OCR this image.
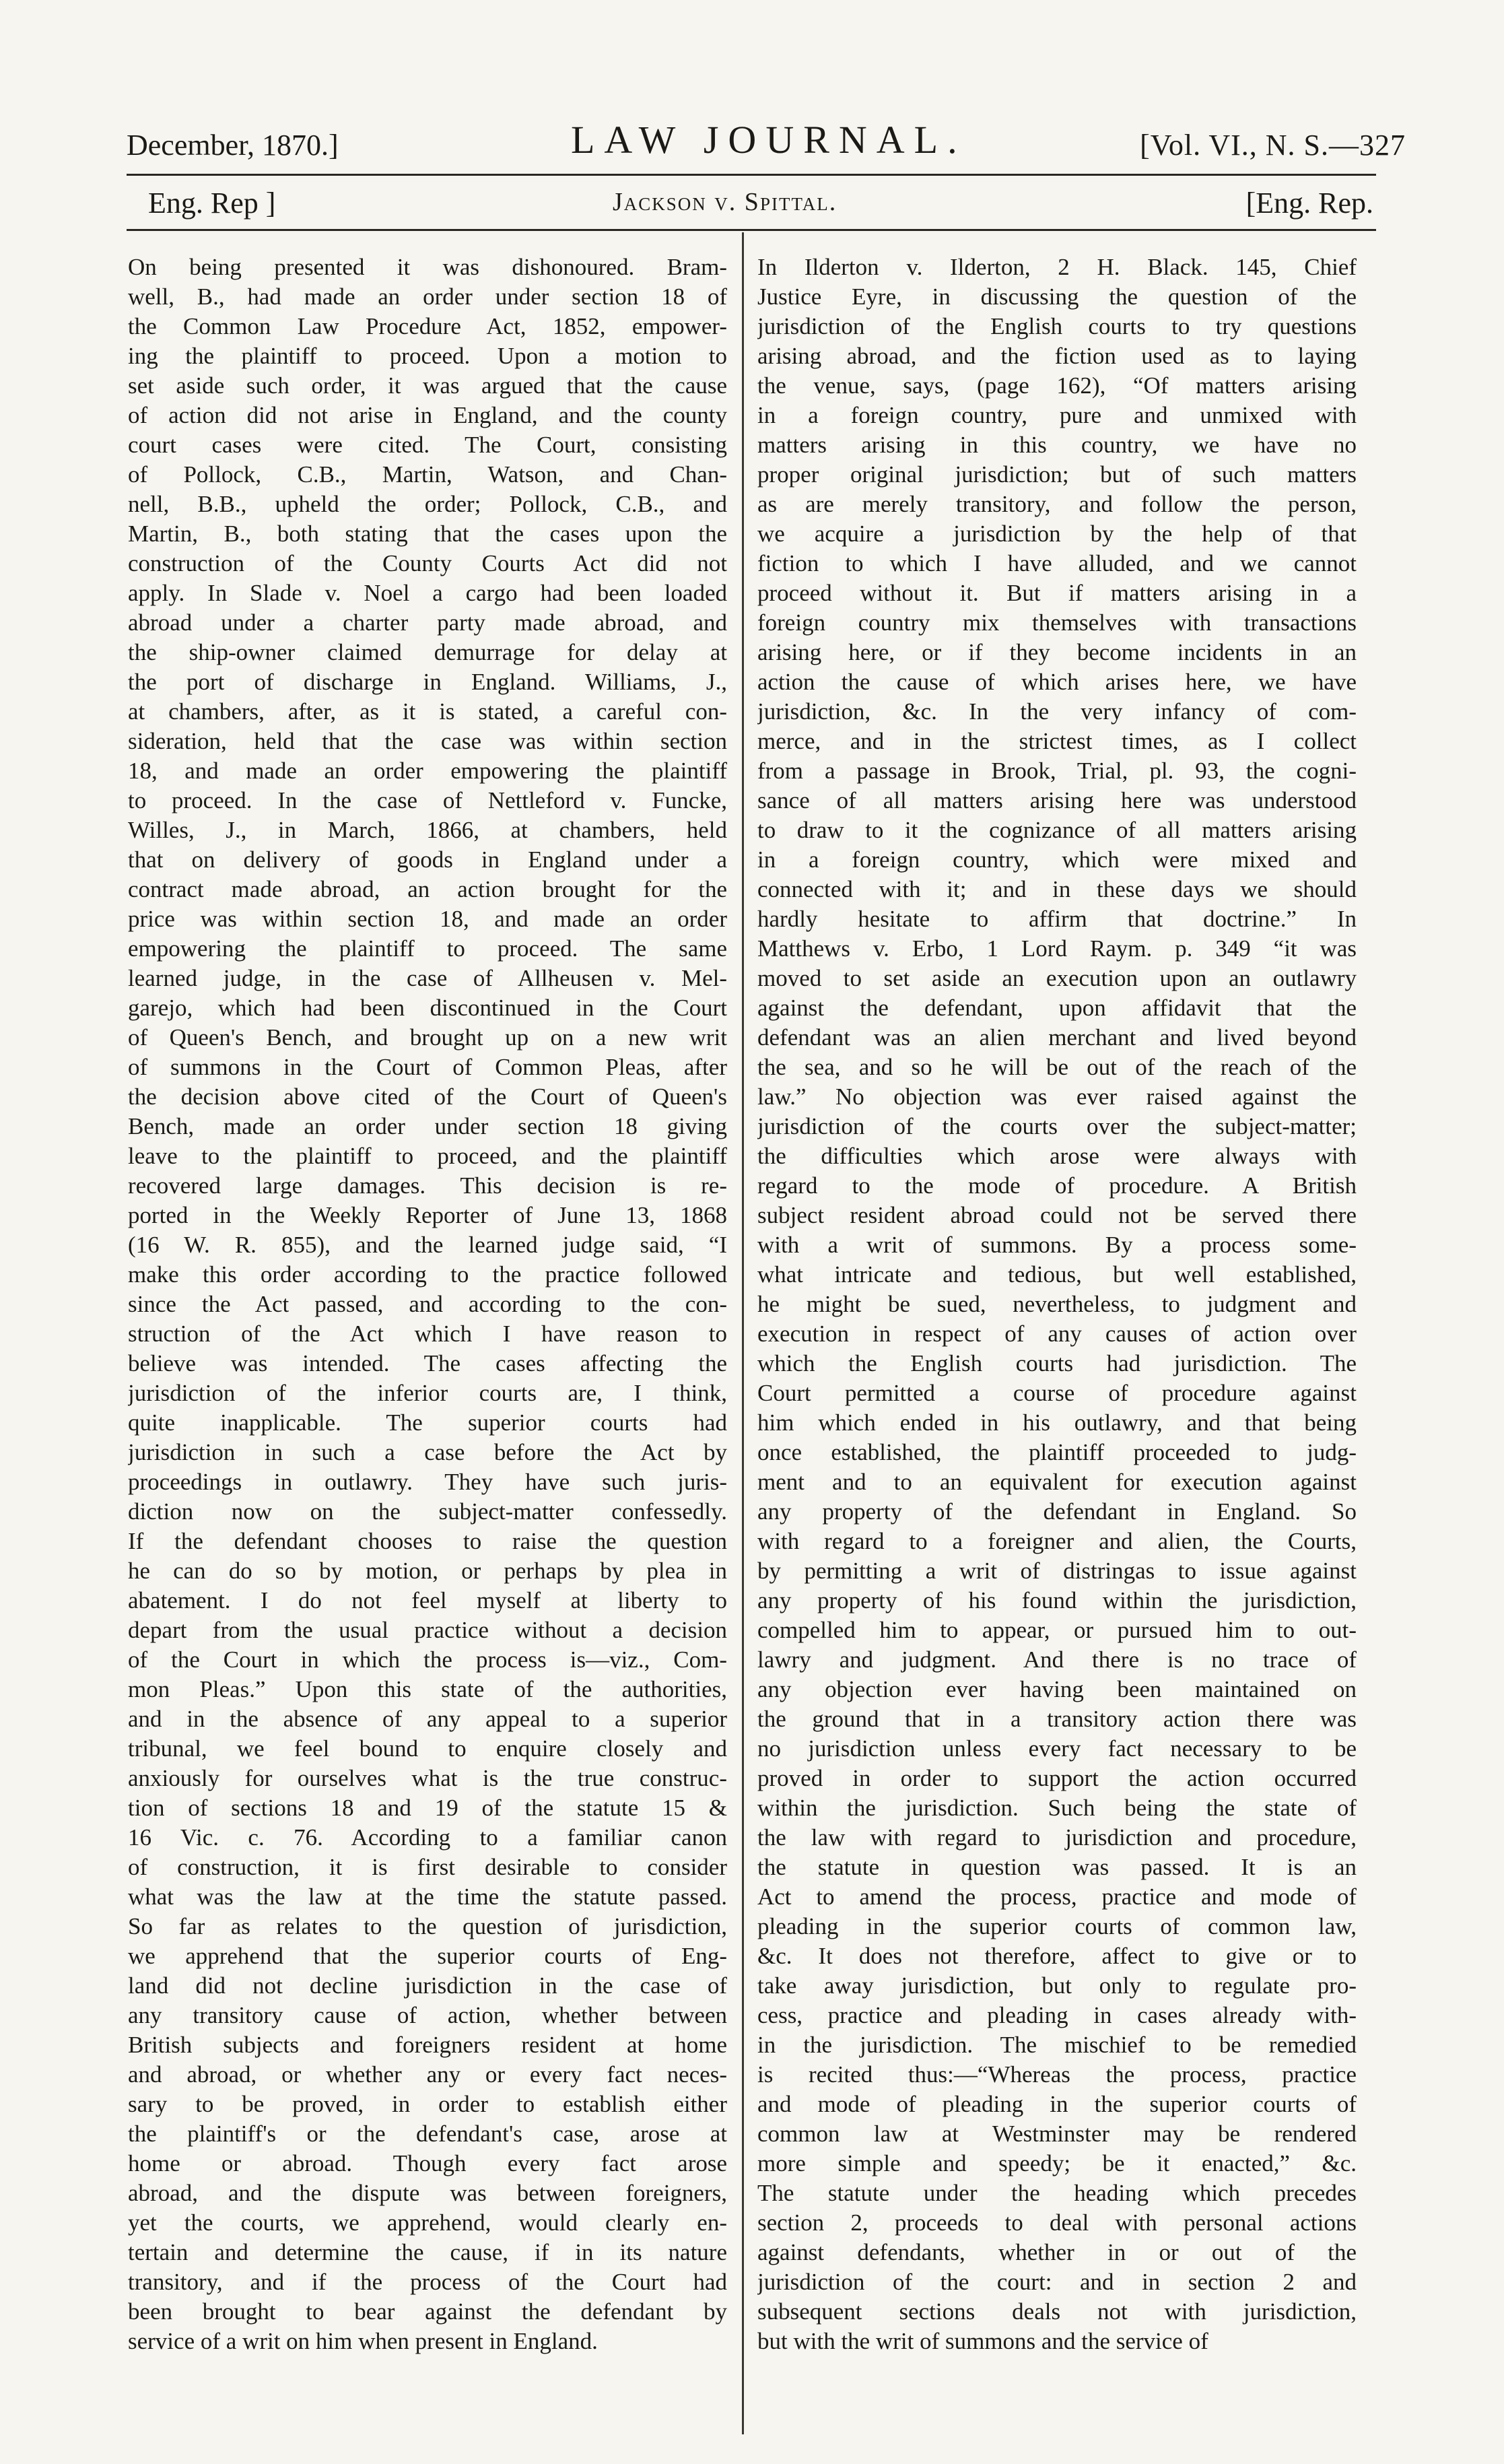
December, 1870.]	LAW JOURNAL.	[Vol. VI., N. S.—327
Eng. Rep ]	Jackson v. Spittal.	[Eng. Rep.
On being presented it was dishonoured. Bram-
well, B., had made an order under section 18 of
the Common Law Procedure Act, 1852, empower-
ing the plaintiff to proceed. Upon a motion to
set aside such order, it was argued that the cause
of action did not arise in England, and the county
court cases were cited. The Court, consisting
of Pollock, C.B., Martin, Watson, and Chan-
nell, B.B., upheld the order; Pollock, C.B., and
Martin, B., both stating that the cases upon the
construction of the County Courts Act did not
apply. In Slade v. Noel a cargo had been loaded
abroad under a charter party made abroad, and
the ship-owner claimed demurrage for delay at
the port of discharge in England. Williams, J.,
at chambers, after, as it is stated, a careful con-
sideration, held that the case was within section
18, and made an order empowering the plaintiff
to proceed. In the case of Nettleford v. Funcke,
Willes, J., in March, 1866, at chambers, held
that on delivery of goods in England under a
contract made abroad, an action brought for the
price was within section 18, and made an order
empowering the plaintiff to proceed. The same
learned judge, in the case of Allheusen v. Mel-
garejo, which had been discontinued in the Court
of Queen's Bench, and brought up on a new writ
of summons in the Court of Common Pleas, after
the decision above cited of the Court of Queen's
Bench, made an order under section 18 giving
leave to the plaintiff to proceed, and the plaintiff
recovered large damages. This decision is re-
ported in the Weekly Reporter of June 13, 1868
(16 W. R. 855), and the learned judge said, “I
make this order according to the practice followed
since the Act passed, and according to the con-
struction of the Act which I have reason to
believe was intended. The cases affecting the
jurisdiction of the inferior courts are, I think,
quite inapplicable. The superior courts had
jurisdiction in such a case before the Act by
proceedings in outlawry. They have such juris-
diction now on the subject-matter confessedly.
If the defendant chooses to raise the question
he can do so by motion, or perhaps by plea in
abatement. I do not feel myself at liberty to
depart from the usual practice without a decision
of the Court in which the process is—viz., Com-
mon Pleas.” Upon this state of the authorities,
and in the absence of any appeal to a superior
tribunal, we feel bound to enquire closely and
anxiously for ourselves what is the true construc-
tion of sections 18 and 19 of the statute 15 &
16 Vic. c. 76. According to a familiar canon
of construction, it is first desirable to consider
what was the law at the time the statute passed.
So far as relates to the question of jurisdiction,
we apprehend that the superior courts of Eng-
land did not decline jurisdiction in the case of
any transitory cause of action, whether between
British subjects and foreigners resident at home
and abroad, or whether any or every fact neces-
sary to be proved, in order to establish either
the plaintiff's or the defendant's case, arose at
home or abroad. Though every fact arose
abroad, and the dispute was between foreigners,
yet the courts, we apprehend, would clearly en-
tertain and determine the cause, if in its nature
transitory, and if the process of the Court had
been brought to bear against the defendant by
service of a writ on him when present in England.
In Ilderton v. Ilderton, 2 H. Black. 145, Chief
Justice Eyre, in discussing the question of the
jurisdiction of the English courts to try questions
arising abroad, and the fiction used as to laying
the venue, says, (page 162), “Of matters arising
in a foreign country, pure and unmixed with
matters arising in this country, we have no
proper original jurisdiction; but of such matters
as are merely transitory, and follow the person,
we acquire a jurisdiction by the help of that
fiction to which I have alluded, and we cannot
proceed without it. But if matters arising in a
foreign country mix themselves with transactions
arising here, or if they become incidents in an
action the cause of which arises here, we have
jurisdiction, &c. In the very infancy of com-
merce, and in the strictest times, as I collect
from a passage in Brook, Trial, pl. 93, the cogni-
sance of all matters arising here was understood
to draw to it the cognizance of all matters arising
in a foreign country, which were mixed and
connected with it; and in these days we should
hardly hesitate to affirm that doctrine.” In
Matthews v. Erbo, 1 Lord Raym. p. 349 “it was
moved to set aside an execution upon an outlawry
against the defendant, upon affidavit that the
defendant was an alien merchant and lived beyond
the sea, and so he will be out of the reach of the
law.” No objection was ever raised against the
jurisdiction of the courts over the subject-matter;
the difficulties which arose were always with
regard to the mode of procedure. A British
subject resident abroad could not be served there
with a writ of summons. By a process some-
what intricate and tedious, but well established,
he might be sued, nevertheless, to judgment and
execution in respect of any causes of action over
which the English courts had jurisdiction. The
Court permitted a course of procedure against
him which ended in his outlawry, and that being
once established, the plaintiff proceeded to judg-
ment and to an equivalent for execution against
any property of the defendant in England. So
with regard to a foreigner and alien, the Courts,
by permitting a writ of distringas to issue against
any property of his found within the jurisdiction,
compelled him to appear, or pursued him to out-
lawry and judgment. And there is no trace of
any objection ever having been maintained on
the ground that in a transitory action there was
no jurisdiction unless every fact necessary to be
proved in order to support the action occurred
within the jurisdiction. Such being the state of
the law with regard to jurisdiction and procedure,
the statute in question was passed. It is an
Act to amend the process, practice and mode of
pleading in the superior courts of common law,
&c. It does not therefore, affect to give or to
take away jurisdiction, but only to regulate pro-
cess, practice and pleading in cases already with-
in the jurisdiction. The mischief to be remedied
is recited thus:—“Whereas the process, practice
and mode of pleading in the superior courts of
common law at Westminster may be rendered
more simple and speedy; be it enacted,” &c.
The statute under the heading which precedes
section 2, proceeds to deal with personal actions
against defendants, whether in or out of the
jurisdiction of the court: and in section 2 and
subsequent sections deals not with jurisdiction,
but with the writ of summons and the service of
